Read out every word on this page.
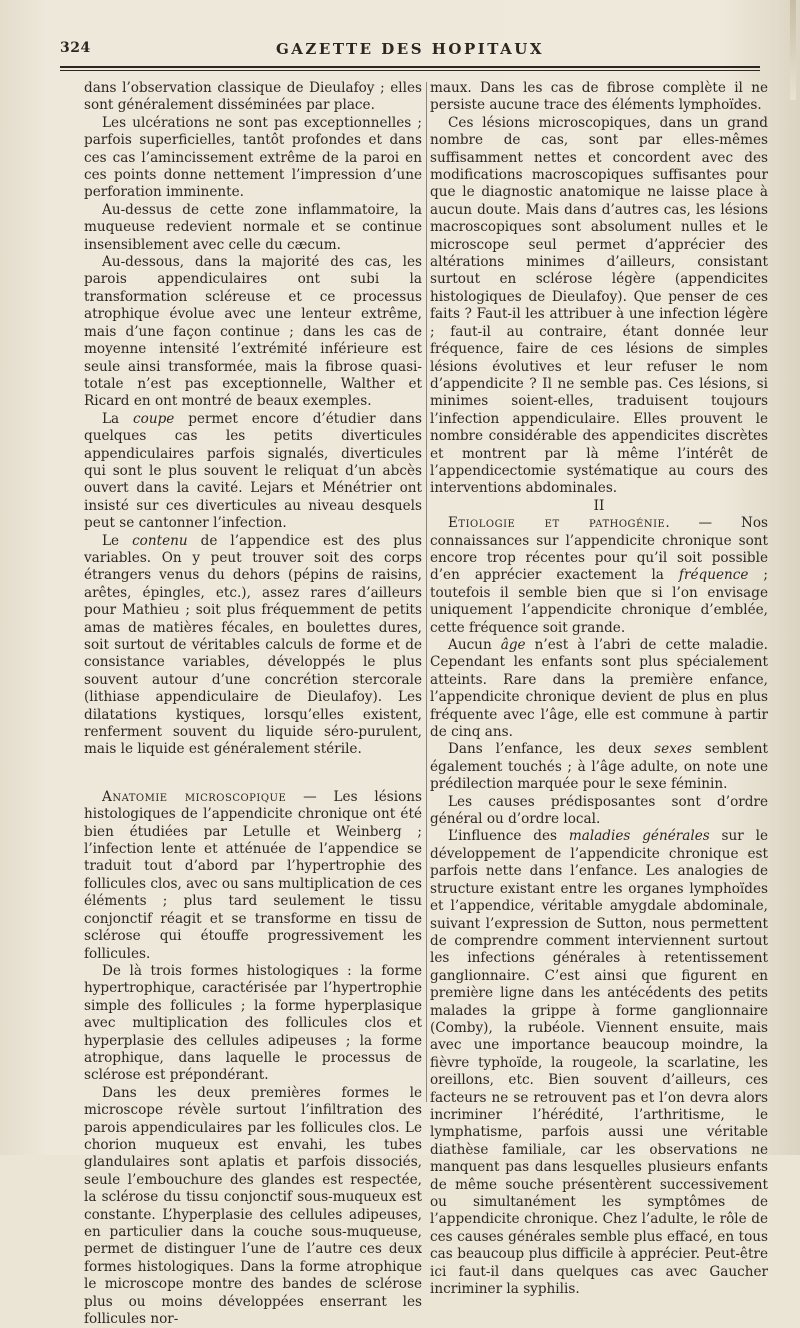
324	GAZETTE DES HOPITAUX

dans l’observation classique de Dieulafoy ; elles sont généralement disséminées par place.

Les ulcérations ne sont pas exceptionnelles ; parfois superficielles, tantôt profondes et dans ces cas l’amincissement extrême de la paroi en ces points donne nettement l’impression d’une perforation imminente.

Au-dessus de cette zone inflammatoire, la muqueuse redevient normale et se continue insensiblement avec celle du cæcum.

Au-dessous, dans la majorité des cas, les parois appendiculaires ont subi la transformation scléreuse et ce processus atrophique évolue avec une lenteur extrême, mais d’une façon continue ; dans les cas de moyenne intensité l’extrémité inférieure est seule ainsi transformée, mais la fibrose quasi-totale n’est pas exceptionnelle, Walther et Ricard en ont montré de beaux exemples.

La coupe permet encore d’étudier dans quelques cas les petits diverticules appendiculaires parfois signalés, diverticules qui sont le plus souvent le reliquat d’un abcès ouvert dans la cavité. Lejars et Ménétrier ont insisté sur ces diverticules au niveau desquels peut se cantonner l’infection.

Le contenu de l’appendice est des plus variables. On y peut trouver soit des corps étrangers venus du dehors (pépins de raisins, arêtes, épingles, etc.), assez rares d’ailleurs pour Mathieu ; soit plus fréquemment de petits amas de matières fécales, en boulettes dures, soit surtout de véritables calculs de forme et de consistance variables, développés le plus souvent autour d’une concrétion stercorale (lithiase appendiculaire de Dieulafoy). Les dilatations kystiques, lorsqu’elles existent, renferment souvent du liquide séro-purulent, mais le liquide est généralement stérile.

Anatomie microscopique — Les lésions histologiques de l’appendicite chronique ont été bien étudiées par Letulle et Weinberg ; l’infection lente et atténuée de l’appendice se traduit tout d’abord par l’hypertrophie des follicules clos, avec ou sans multiplication de ces éléments ; plus tard seulement le tissu conjonctif réagit et se transforme en tissu de sclérose qui étouffe progressivement les follicules.

De là trois formes histologiques : la forme hypertrophique, caractérisée par l’hypertrophie simple des follicules ; la forme hyperplasique avec multiplication des follicules clos et hyperplasie des cellules adipeuses ; la forme atrophique, dans laquelle le processus de sclérose est prépondérant.

Dans les deux premières formes le microscope révèle surtout l’infiltration des parois appendiculaires par les follicules clos. Le chorion muqueux est envahi, les tubes glandulaires sont aplatis et parfois dissociés, seule l’embouchure des glandes est respectée, la sclérose du tissu conjonctif sous-muqueux est constante. L’hyperplasie des cellules adipeuses, en particulier dans la couche sous-muqueuse, permet de distinguer l’une de l’autre ces deux formes histologiques. Dans la forme atrophique le microscope montre des bandes de sclérose plus ou moins développées enserrant les follicules nor-

maux. Dans les cas de fibrose complète il ne persiste aucune trace des éléments lymphoïdes.

Ces lésions microscopiques, dans un grand nombre de cas, sont par elles-mêmes suffisamment nettes et concordent avec des modifications macroscopiques suffisantes pour que le diagnostic anatomique ne laisse place à aucun doute. Mais dans d’autres cas, les lésions macroscopiques sont absolument nulles et le microscope seul permet d’apprécier des altérations minimes d’ailleurs, consistant surtout en sclérose légère (appendicites histologiques de Dieulafoy). Que penser de ces faits ? Faut-il les attribuer à une infection légère ; faut-il au contraire, étant donnée leur fréquence, faire de ces lésions de simples lésions évolutives et leur refuser le nom d’appendicite ? Il ne semble pas. Ces lésions, si minimes soient-elles, traduisent toujours l’infection appendiculaire. Elles prouvent le nombre considérable des appendicites discrètes et montrent par là même l’intérêt de l’appendicectomie systématique au cours des interventions abdominales.

II

Etiologie et pathogénie. — Nos connaissances sur l’appendicite chronique sont encore trop récentes pour qu’il soit possible d’en apprécier exactement la fréquence ; toutefois il semble bien que si l’on envisage uniquement l’appendicite chronique d’emblée, cette fréquence soit grande.

Aucun âge n’est à l’abri de cette maladie. Cependant les enfants sont plus spécialement atteints. Rare dans la première enfance, l’appendicite chronique devient de plus en plus fréquente avec l’âge, elle est commune à partir de cinq ans.

Dans l’enfance, les deux sexes semblent également touchés ; à l’âge adulte, on note une prédilection marquée pour le sexe féminin.

Les causes prédisposantes sont d’ordre général ou d’ordre local.

L’influence des maladies générales sur le développement de l’appendicite chronique est parfois nette dans l’enfance. Les analogies de structure existant entre les organes lymphoïdes et l’appendice, véritable amygdale abdominale, suivant l’expression de Sutton, nous permettent de comprendre comment interviennent surtout les infections générales à retentissement ganglionnaire. C’est ainsi que figurent en première ligne dans les antécédents des petits malades la grippe à forme ganglionnaire (Comby), la rubéole. Viennent ensuite, mais avec une importance beaucoup moindre, la fièvre typhoïde, la rougeole, la scarlatine, les oreillons, etc. Bien souvent d’ailleurs, ces facteurs ne se retrouvent pas et l’on devra alors incriminer l’hérédité, l’arthritisme, le lymphatisme, parfois aussi une véritable diathèse familiale, car les observations ne manquent pas dans lesquelles plusieurs enfants de même souche présentèrent successivement ou simultanément les symptômes de l’appendicite chronique. Chez l’adulte, le rôle de ces causes générales semble plus effacé, en tous cas beaucoup plus difficile à apprécier. Peut-être ici faut-il dans quelques cas avec Gaucher incriminer la syphilis.
